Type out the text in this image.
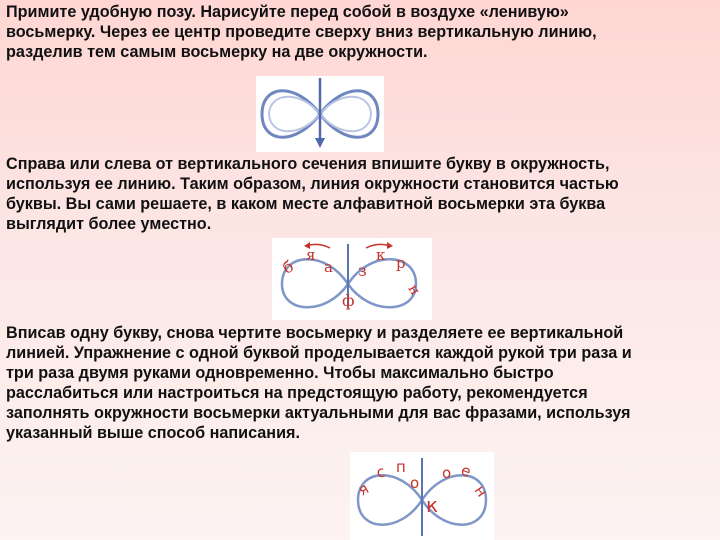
Примите удобную позу. Нарисуйте перед собой в воздухе «ленивую»
восьмерку. Через ее центр проведите сверху вниз вертикальную линию,
разделив тем самым восьмерку на две окружности.

Справа или слева от вертикального сечения впишите букву в окружность,
используя ее линию. Таким образом, линия окружности становится частью
буквы. Вы сами решаете, в каком месте алфавитной восьмерки эта буква
выглядит более уместно.

б
я
а з
к р
н
ф

Вписав одну букву, снова чертите восьмерку и разделяете ее вертикальной
линией. Упражнение с одной буквой проделывается каждой рукой три раза и
три раза двумя руками одновременно. Чтобы максимально быстро
расслабиться или настроиться на предстоящую работу, рекомендуется
заполнять окружности восьмерки актуальными для вас фразами, используя
указанный выше способ написания.

я
с п
о
к
о е
н
